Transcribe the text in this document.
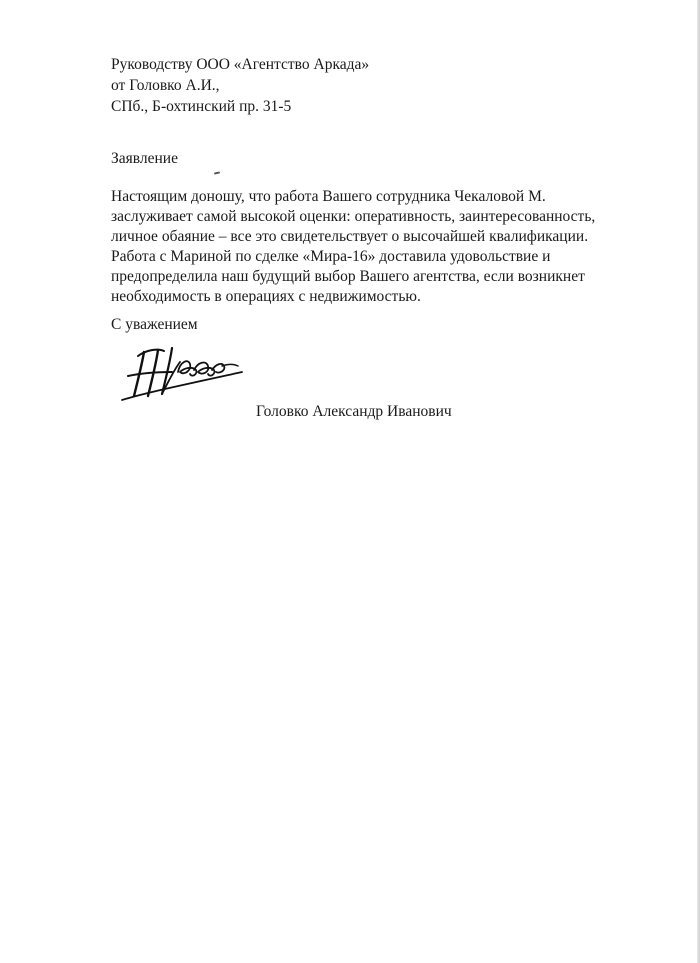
Руководству ООО «Агентство Аркада»
от Головко А.И.,
СПб., Б-охтинский пр. 31-5
Заявление
Настоящим доношу, что работа Вашего сотрудника Чекаловой М.
заслуживает самой высокой оценки: оперативность, заинтересованность,
личное обаяние – все это свидетельствует о высочайшей квалификации.
Работа с Мариной по сделке «Мира-16» доставила удовольствие и
предопределила наш будущий выбор Вашего агентства, если возникнет
необходимость в операциях с недвижимостью.
С уважением
Головко Александр Иванович
